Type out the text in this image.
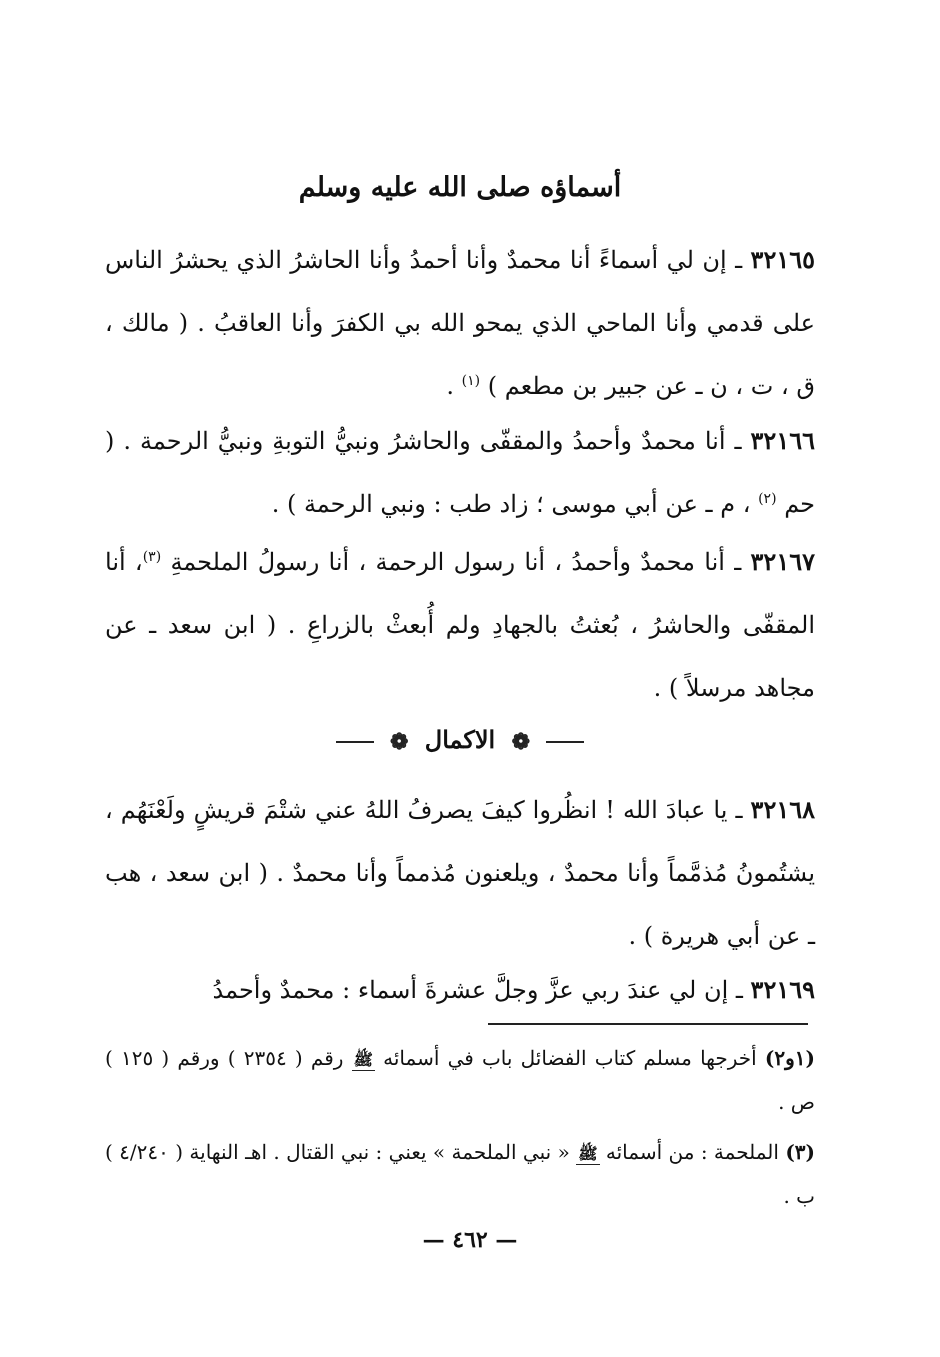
أسماؤه صلى الله عليه وسلم

٣٢١٦٥ ـ إن لي أسماءً أنا محمدٌ وأنا أحمدُ وأنا الحاشرُ الذي يحشرُ الناس على قدمي وأنا الماحي الذي يمحو الله بي الكفرَ وأنا العاقبُ . ( مالك ، ق ، ت ، ن ـ عن جبير بن مطعم ) $^{(١)}$ .

٣٢١٦٦ ـ أنا محمدٌ وأحمدُ والمقفّى والحاشرُ ونبيُّ التوبةِ ونبيُّ الرحمة . ( حم $^{(٢)}$ ، م ـ عن أبي موسى ؛ زاد طب : ونبي الرحمة ) .

٣٢١٦٧ ـ أنا محمدٌ وأحمدُ ، أنا رسول الرحمة ، أنا رسولُ الملحمةِ $^{(٣)}$، أنا المقفّى والحاشرُ ، بُعثتُ بالجهادِ ولم أُبعثْ بالزراعِ . ( ابن سعد ـ عن مجاهد مرسلاً ) .

❁ الاكمال ❁

٣٢١٦٨ ـ يا عبادَ الله ! انظُروا كيفَ يصرفُ اللهُ عني شتْمَ قريشٍ ولَعْنَهُم ، يشتُمونُ مُذمَّماً وأنا محمدٌ ، ويلعنون مُذمماً وأنا محمدٌ . ( ابن سعد ، هب ـ عن أبي هريرة ) .

٣٢١٦٩ ـ إن لي عندَ ربي عزَّ وجلَّ عشرةَ أسماء : محمدٌ وأحمدُ

(١و٢) أخرجها مسلم كتاب الفضائل باب في أسمائه ﷺ رقم ( ٢٣٥٤ ) ورقم ( ١٢٥ ) ص .

(٣) الملحمة : من أسمائه ﷺ « نبي الملحمة » يعني : نبي القتال . اهـ النهاية ( ٤/٢٤٠ ) ب .

— ٤٦٢ —
